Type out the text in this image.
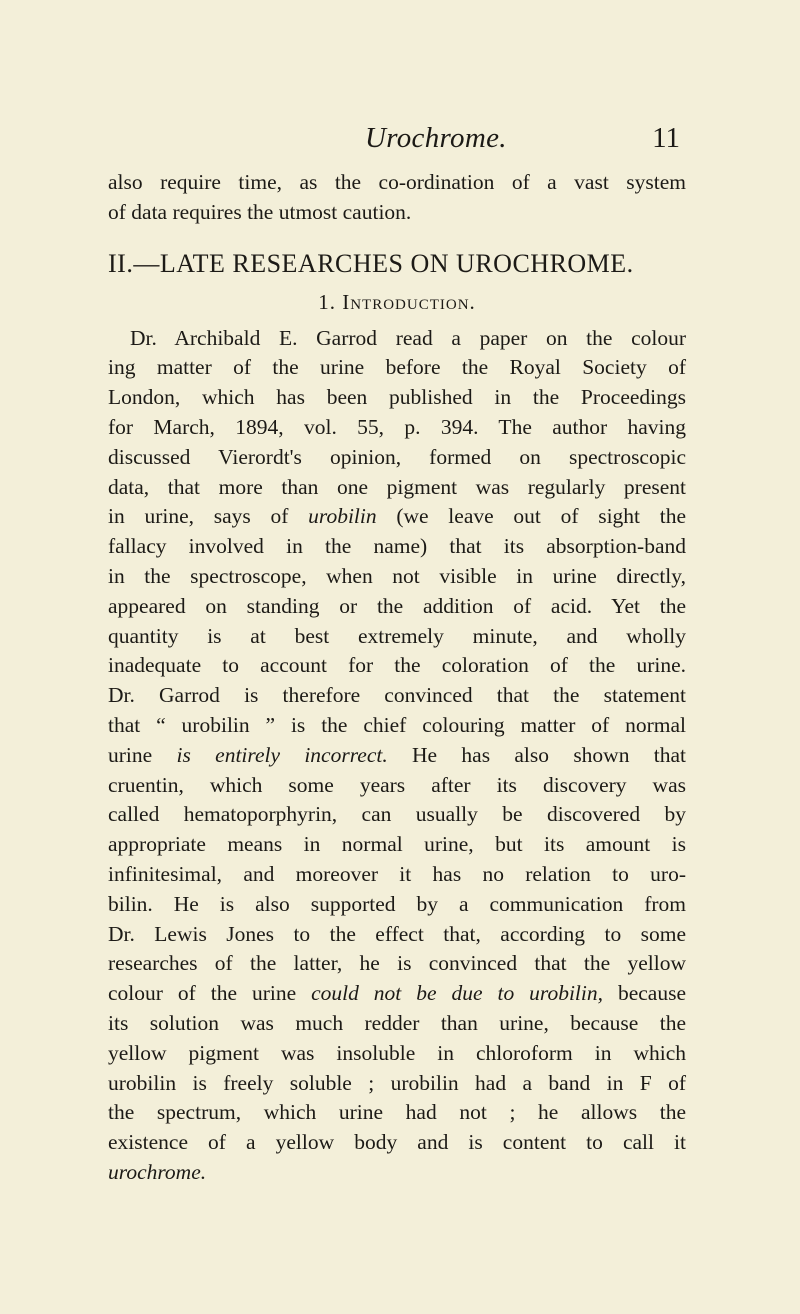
Urochrome.	11
also require time, as the co-ordination of a vast system
of data requires the utmost caution.
II.—LATE RESEARCHES ON UROCHROME.
1. Introduction.
Dr. Archibald E. Garrod read a paper on the colour
ing matter of the urine before the Royal Society of
London, which has been published in the Proceedings
for March, 1894, vol. 55, p. 394. The author having
discussed Vierordt's opinion, formed on spectroscopic
data, that more than one pigment was regularly present
in urine, says of urobilin (we leave out of sight the
fallacy involved in the name) that its absorption-band
in the spectroscope, when not visible in urine directly,
appeared on standing or the addition of acid. Yet the
quantity is at best extremely minute, and wholly
inadequate to account for the coloration of the urine.
Dr. Garrod is therefore convinced that the statement
that “ urobilin ” is the chief colouring matter of normal
urine is entirely incorrect. He has also shown that
cruentin, which some years after its discovery was
called hematoporphyrin, can usually be discovered by
appropriate means in normal urine, but its amount is
infinitesimal, and moreover it has no relation to uro-
bilin. He is also supported by a communication from
Dr. Lewis Jones to the effect that, according to some
researches of the latter, he is convinced that the yellow
colour of the urine could not be due to urobilin, because
its solution was much redder than urine, because the
yellow pigment was insoluble in chloroform in which
urobilin is freely soluble ; urobilin had a band in F of
the spectrum, which urine had not ; he allows the
existence of a yellow body and is content to call it
urochrome.
